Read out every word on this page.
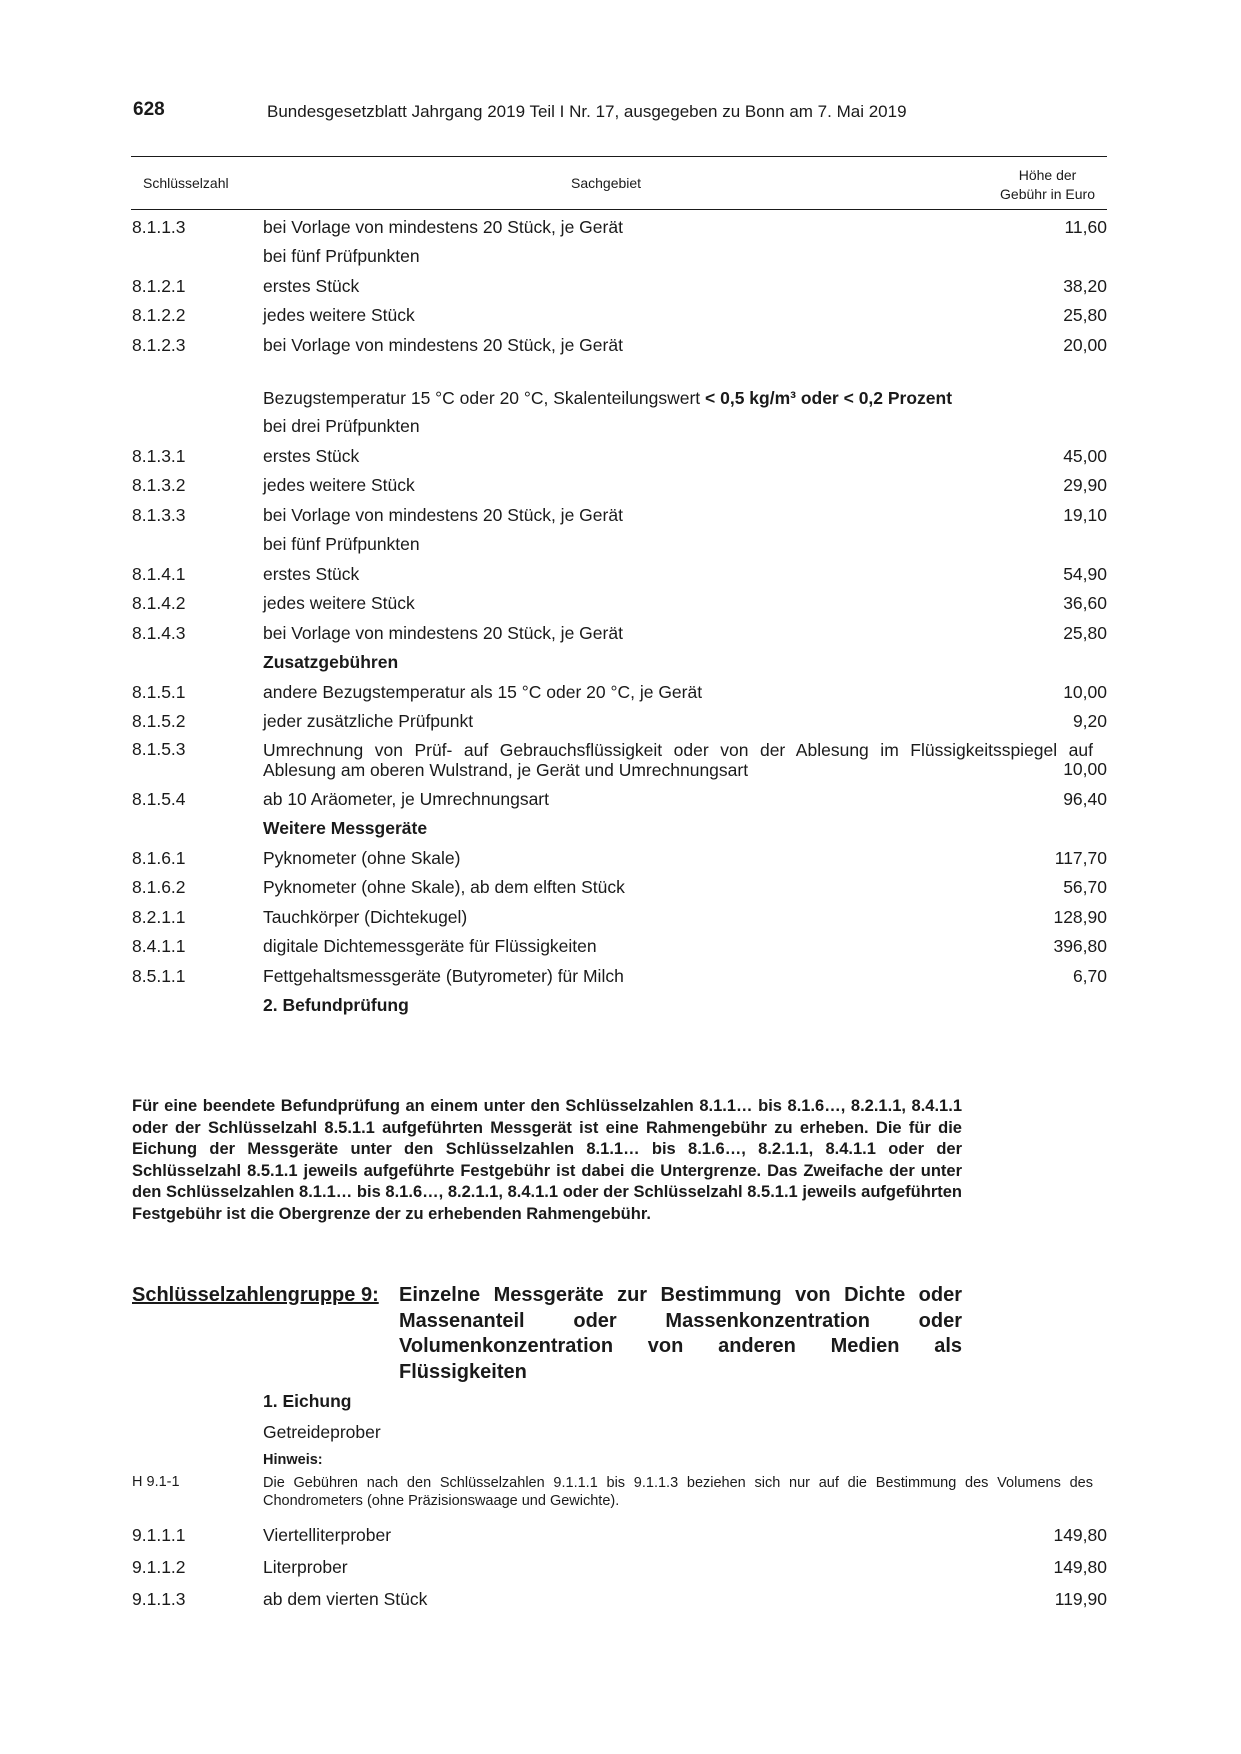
628	Bundesgesetzblatt Jahrgang 2019 Teil I Nr. 17, ausgegeben zu Bonn am 7. Mai 2019
Schlüsselzahl	Sachgebiet	Höhe der
Gebühr in Euro
8.1.1.3	bei Vorlage von mindestens 20 Stück, je Gerät	11,60
bei fünf Prüfpunkten
8.1.2.1	erstes Stück	38,20
8.1.2.2	jedes weitere Stück	25,80
8.1.2.3	bei Vorlage von mindestens 20 Stück, je Gerät	20,00
Bezugstemperatur 15 °C oder 20 °C, Skalenteilungswert < 0,5 kg/m³ oder < 0,2 Prozent
bei drei Prüfpunkten
8.1.3.1	erstes Stück	45,00
8.1.3.2	jedes weitere Stück	29,90
8.1.3.3	bei Vorlage von mindestens 20 Stück, je Gerät	19,10
bei fünf Prüfpunkten
8.1.4.1	erstes Stück	54,90
8.1.4.2	jedes weitere Stück	36,60
8.1.4.3	bei Vorlage von mindestens 20 Stück, je Gerät	25,80
Zusatzgebühren
8.1.5.1	andere Bezugstemperatur als 15 °C oder 20 °C, je Gerät	10,00
8.1.5.2	jeder zusätzliche Prüfpunkt	9,20
8.1.5.3	Umrechnung von Prüf- auf Gebrauchsflüssigkeit oder von der Ablesung im Flüssigkeitsspiegel auf Ablesung am oberen Wulstrand, je Gerät und Umrechnungsart	10,00
8.1.5.4	ab 10 Aräometer, je Umrechnungsart	96,40
Weitere Messgeräte
8.1.6.1	Pyknometer (ohne Skale)	117,70
8.1.6.2	Pyknometer (ohne Skale), ab dem elften Stück	56,70
8.2.1.1	Tauchkörper (Dichtekugel)	128,90
8.4.1.1	digitale Dichtemessgeräte für Flüssigkeiten	396,80
8.5.1.1	Fettgehaltsmessgeräte (Butyrometer) für Milch	6,70
2. Befundprüfung
Für eine beendete Befundprüfung an einem unter den Schlüsselzahlen 8.1.1… bis 8.1.6…, 8.2.1.1, 8.4.1.1 oder der Schlüsselzahl 8.5.1.1 aufgeführten Messgerät ist eine Rahmengebühr zu erheben. Die für die Eichung der Messgeräte unter den Schlüsselzahlen 8.1.1… bis 8.1.6…, 8.2.1.1, 8.4.1.1 oder der Schlüsselzahl 8.5.1.1 jeweils aufgeführte Festgebühr ist dabei die Untergrenze. Das Zweifache der unter den Schlüsselzahlen 8.1.1… bis 8.1.6…, 8.2.1.1, 8.4.1.1 oder der Schlüsselzahl 8.5.1.1 jeweils aufgeführten Festgebühr ist die Obergrenze der zu erhebenden Rahmengebühr.
Schlüsselzahlengruppe 9: Einzelne Messgeräte zur Bestimmung von Dichte oder Massenanteil oder Massenkonzentration oder Volumenkonzentration von anderen Medien als Flüssigkeiten
1. Eichung
Getreideprober
Hinweis:
H 9.1-1	Die Gebühren nach den Schlüsselzahlen 9.1.1.1 bis 9.1.1.3 beziehen sich nur auf die Bestimmung des Volumens des Chondrometers (ohne Präzisionswaage und Gewichte).
9.1.1.1	Viertelliterprober	149,80
9.1.1.2	Literprober	149,80
9.1.1.3	ab dem vierten Stück	119,90
